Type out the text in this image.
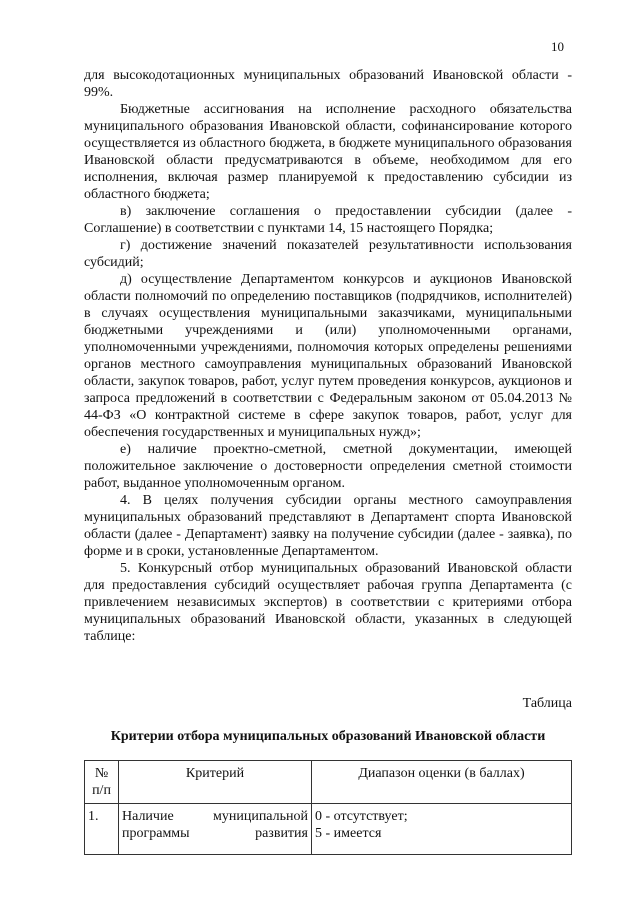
10

для высокодотационных муниципальных образований Ивановской области - 99%.

Бюджетные ассигнования на исполнение расходного обязательства муниципального образования Ивановской области, софинансирование которого осуществляется из областного бюджета, в бюджете муниципального образования Ивановской области предусматриваются в объеме, необходимом для его исполнения, включая размер планируемой к предоставлению субсидии из областного бюджета;

в) заключение соглашения о предоставлении субсидии (далее - Соглашение) в соответствии с пунктами 14, 15 настоящего Порядка;

г) достижение значений показателей результативности использования субсидий;

д) осуществление Департаментом конкурсов и аукционов Ивановской области полномочий по определению поставщиков (подрядчиков, исполнителей) в случаях осуществления муниципальными заказчиками, муниципальными бюджетными учреждениями и (или) уполномоченными органами, уполномоченными учреждениями, полномочия которых определены решениями органов местного самоуправления муниципальных образований Ивановской области, закупок товаров, работ, услуг путем проведения конкурсов, аукционов и запроса предложений в соответствии с Федеральным законом от 05.04.2013 № 44-ФЗ «О контрактной системе в сфере закупок товаров, работ, услуг для обеспечения государственных и муниципальных нужд»;

е) наличие проектно-сметной, сметной документации, имеющей положительное заключение о достоверности определения сметной стоимости работ, выданное уполномоченным органом.

4. В целях получения субсидии органы местного самоуправления муниципальных образований представляют в Департамент спорта Ивановской области (далее - Департамент) заявку на получение субсидии (далее - заявка), по форме и в сроки, установленные Департаментом.

5. Конкурсный отбор муниципальных образований Ивановской области для предоставления субсидий осуществляет рабочая группа Департамента (с привлечением независимых экспертов) в соответствии с критериями отбора муниципальных образований Ивановской области, указанных в следующей таблице:

Таблица
Критерии отбора муниципальных образований Ивановской области
№ п/п	Критерий	Диапазон оценки (в баллах)
1.	Наличие муниципальной программы развития	0 - отсутствует;
5 - имеется
